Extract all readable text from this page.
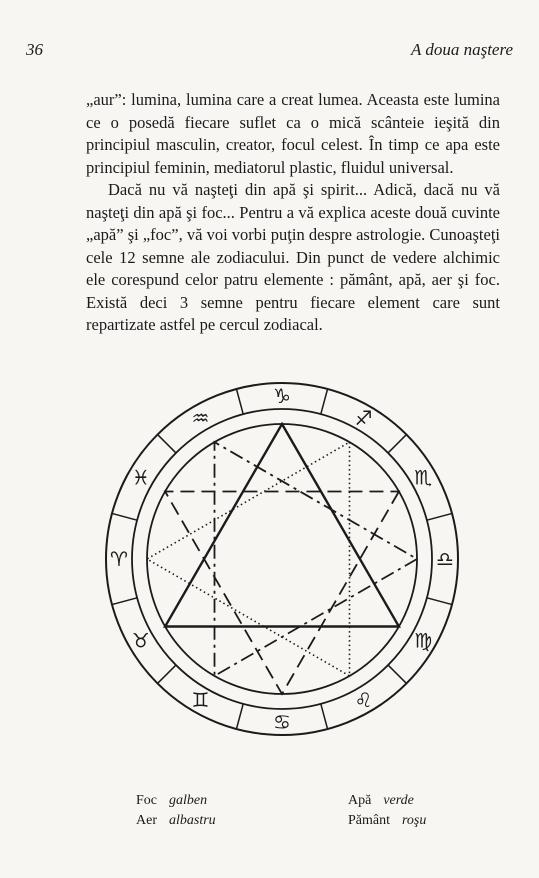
36	A doua naştere

„aur”: lumina, lumina care a creat lumea. Aceasta este lumina ce o posedă fiecare suflet ca o mică scânteie ieşită din principiul masculin, creator, focul celest. În timp ce apa este principiul feminin, mediatorul plastic, fluidul universal.

Dacă nu vă naşteţi din apă şi spirit... Adică, dacă nu vă naşteţi din apă şi foc... Pentru a vă explica aceste două cuvinte „apă” şi „foc”, vă voi vorbi puţin despre astrologie. Cunoaşteţi cele 12 semne ale zodiacului. Din punct de vedere alchimic ele corespund celor patru elemente : pământ, apă, aer şi foc. Există deci 3 semne pentru fiecare element care sunt repartizate astfel pe cercul zodiacal.

♑
♐
♏
♎
♍
♌
♋
♊
♉
♈
♓
♒
Foc galben	Apă verde
Aer albastru	Pământ roşu
